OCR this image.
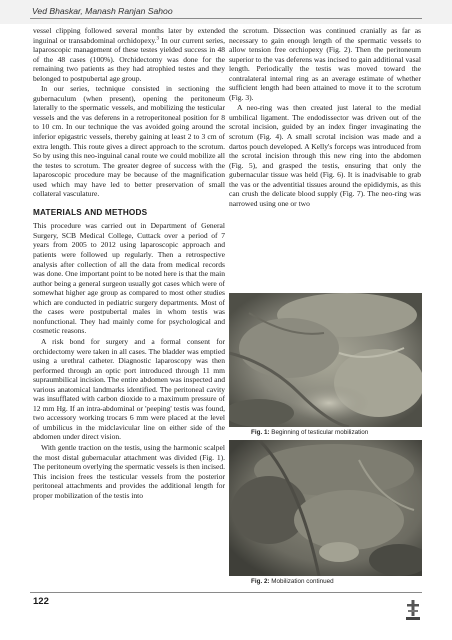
Ved Bhaskar, Manash Ranjan Sahoo

vessel clipping followed several months later by extended inguinal or transabdominal orchidopexy.$^3$ In our current series, laparoscopic management of these testes yielded success in 48 of the 48 cases (100%). Orchidectomy was done for the remaining two patients as they had atrophied testes and they belonged to postpubertal age group.

In our series, technique consisted in sectioning the gubernaculum (when present), opening the peritoneum laterally to the spermatic vessels, and mobilizing the testicular vessels and the vas deferens in a retroperitoneal position for 8 to 10 cm. In our technique the vas avoided going around the inferior epigastric vessels, thereby gaining at least 2 to 3 cm of extra length. This route gives a direct approach to the scrotum. So by using this neo-inguinal canal route we could mobilize all the testes to scrotum. The greater degree of success with the laparoscopic procedure may be because of the magnification used which may have led to better preservation of small collateral vasculature.

MATERIALS AND METHODS

This procedure was carried out in Department of General Surgery, SCB Medical College, Cuttack over a period of 7 years from 2005 to 2012 using laparoscopic approach and patients were followed up regularly. Then a retrospective analysis after collection of all the data from medical records was done. One important point to be noted here is that the main author being a general surgeon usually got cases which were of somewhat higher age group as compared to most other studies which are conducted in pediatric surgery departments. Most of the cases were postpubertal males in whom testis was nonfunctional. They had mainly come for psychological and cosmetic reasons.

A risk bond for surgery and a formal consent for orchidectomy were taken in all cases. The bladder was emptied using a urethral catheter. Diagnostic laparoscopy was then performed through an optic port introduced through 11 mm supraumbilical incision. The entire abdomen was inspected and various anatomical landmarks identified. The peritoneal cavity was insufflated with carbon dioxide to a maximum pressure of 12 mm Hg. If an intra-abdominal or 'peeping' testis was found, two accessory working trocars 6 mm were placed at the level of umbilicus in the midclavicular line on either side of the abdomen under direct vision.

With gentle traction on the testis, using the harmonic scalpel the most distal gubernacular attachment was divided (Fig. 1). The peritoneum overlying the spermatic vessels is then incised. This incision frees the testicular vessels from the posterior peritoneal attachments and provides the additional length for proper mobilization of the testis into

the scrotum. Dissection was continued cranially as far as necessary to gain enough length of the spermatic vessels to allow tension free orchiopexy (Fig. 2). Then the peritoneum superior to the vas deferens was incised to gain additional vasal length. Periodically the testis was moved toward the contralateral internal ring as an average estimate of whether sufficient length had been attained to move it to the scrotum (Fig. 3).

A neo-ring was then created just lateral to the medial umbilical ligament. The endodissector was driven out of the scrotal incision, guided by an index finger invaginating the scrotum (Fig. 4). A small scrotal incision was made and a dartos pouch developed. A Kelly's forceps was introduced from the scrotal incision through this new ring into the abdomen (Fig. 5), and grasped the testis, ensuring that only the gubernacular tissue was held (Fig. 6). It is inadvisable to grab the vas or the adventitial tissues around the epididymis, as this can crush the delicate blood supply (Fig. 7). The neo-ring was narrowed using one or two

Fig. 1: Beginning of testicular mobilization
Fig. 2: Mobilization continued
122
